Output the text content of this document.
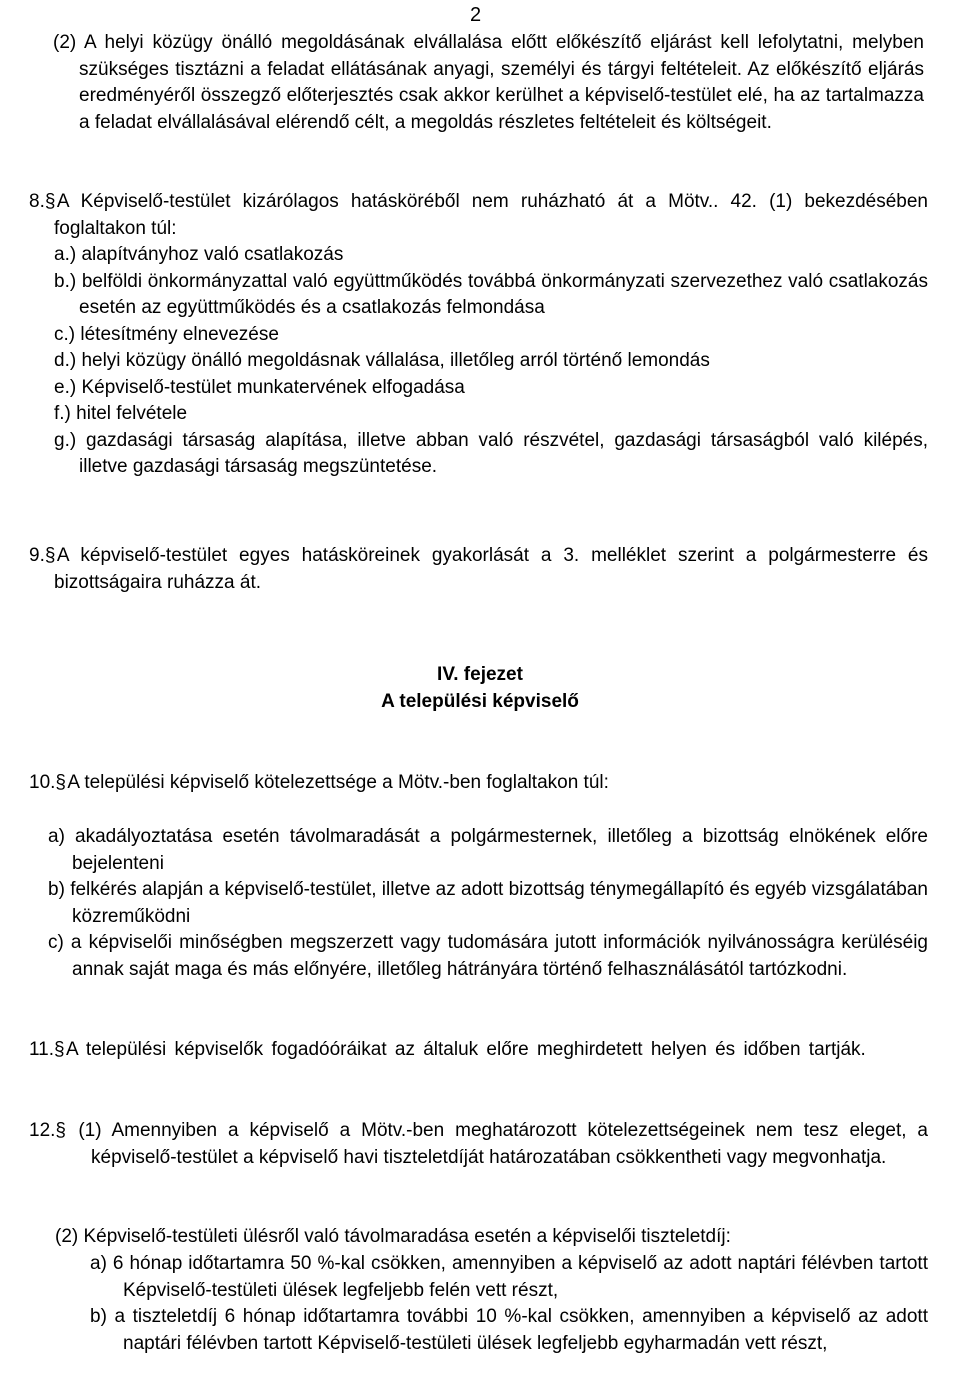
2
(2) A helyi közügy önálló megoldásának elvállalása előtt előkészítő eljárást kell lefolytatni, melyben szükséges tisztázni a feladat ellátásának anyagi, személyi és tárgyi feltételeit. Az előkészítő eljárás eredményéről összegző előterjesztés csak akkor kerülhet a képviselő-testület elé, ha az tartalmazza a feladat elvállalásával elérendő célt, a megoldás részletes feltételeit és költségeit.
8.§A Képviselő-testület kizárólagos hatásköréből nem ruházható át a Mötv.. 42. (1) bekezdésében foglaltakon túl:
a.) alapítványhoz való csatlakozás
b.) belföldi önkormányzattal való együttműködés továbbá önkormányzati szervezethez való csatlakozás esetén az együttműködés és a csatlakozás felmondása
c.) létesítmény elnevezése
d.) helyi közügy önálló megoldásnak vállalása, illetőleg arról történő lemondás
e.) Képviselő-testület munkatervének elfogadása
f.) hitel felvétele
g.) gazdasági társaság alapítása, illetve abban való részvétel, gazdasági társaságból való kilépés, illetve gazdasági társaság megszüntetése.
9.§A képviselő-testület egyes hatásköreinek gyakorlását a 3. melléklet szerint a polgármesterre és bizottságaira ruházza át.
IV. fejezet
A települési képviselő
10.§A települési képviselő kötelezettsége a Mötv.-ben foglaltakon túl:
a) akadályoztatása esetén távolmaradását a polgármesternek, illetőleg a bizottság elnökének előre bejelenteni
b) felkérés alapján a képviselő-testület, illetve az adott bizottság ténymegállapító és egyéb vizsgálatában közreműködni
c) a képviselői minőségben megszerzett vagy tudomására jutott információk nyilvánosságra kerüléséig annak saját maga és más előnyére, illetőleg hátrányára történő felhasználásától tartózkodni.
11.§A települési képviselők fogadóóráikat az általuk előre meghirdetett helyen és időben tartják.
12.§ (1) Amennyiben a képviselő a Mötv.-ben meghatározott kötelezettségeinek nem tesz eleget, a képviselő-testület a képviselő havi tiszteletdíját határozatában csökkentheti vagy megvonhatja.
(2) Képviselő-testületi ülésről való távolmaradása esetén a képviselői tiszteletdíj:
a) 6 hónap időtartamra 50 %-kal csökken, amennyiben a képviselő az adott naptári félévben tartott Képviselő-testületi ülések legfeljebb felén vett részt,
b) a tiszteletdíj 6 hónap időtartamra további 10 %-kal csökken, amennyiben a képviselő az adott naptári félévben tartott Képviselő-testületi ülések legfeljebb egyharmadán vett részt,
